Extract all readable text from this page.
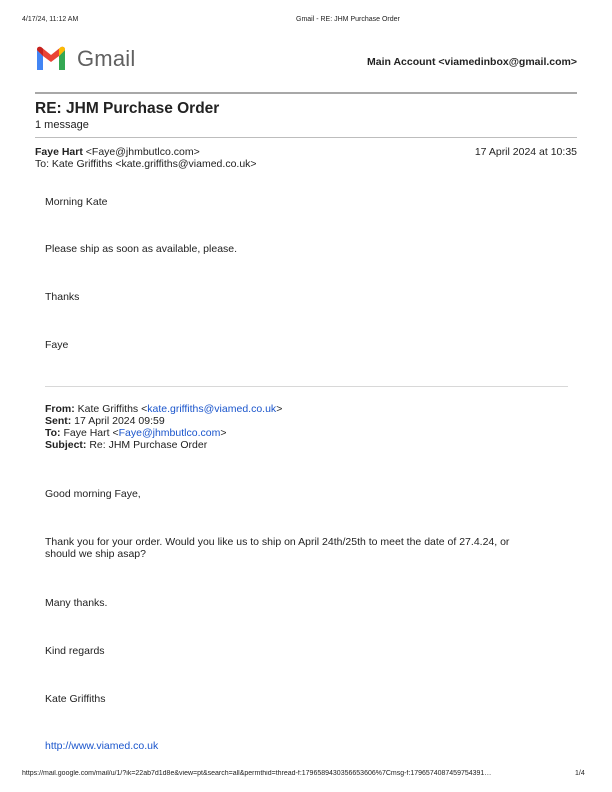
4/17/24, 11:12 AM	Gmail - RE: JHM Purchase Order
Gmail	Main Account <viamedinbox@gmail.com>
RE: JHM Purchase Order
1 message
Faye Hart <Faye@jhmbutlco.com>	17 April 2024 at 10:35
To: Kate Griffiths <kate.griffiths@viamed.co.uk>
Morning Kate
Please ship as soon as available, please.
Thanks
Faye
From: Kate Griffiths <kate.griffiths@viamed.co.uk>
Sent: 17 April 2024 09:59
To: Faye Hart <Faye@jhmbutlco.com>
Subject: Re: JHM Purchase Order
Good morning Faye,
Thank you for your order. Would you like us to ship on April 24th/25th to meet the date of 27.4.24, or
should we ship asap?
Many thanks.
Kind regards
Kate Griffiths
http://www.viamed.co.uk
https://mail.google.com/mail/u/1/?ik=22ab7d1d8e&view=pt&search=all&permthid=thread-f:1796589430356653606%7Cmsg-f:1796574087459754391…	1/4
